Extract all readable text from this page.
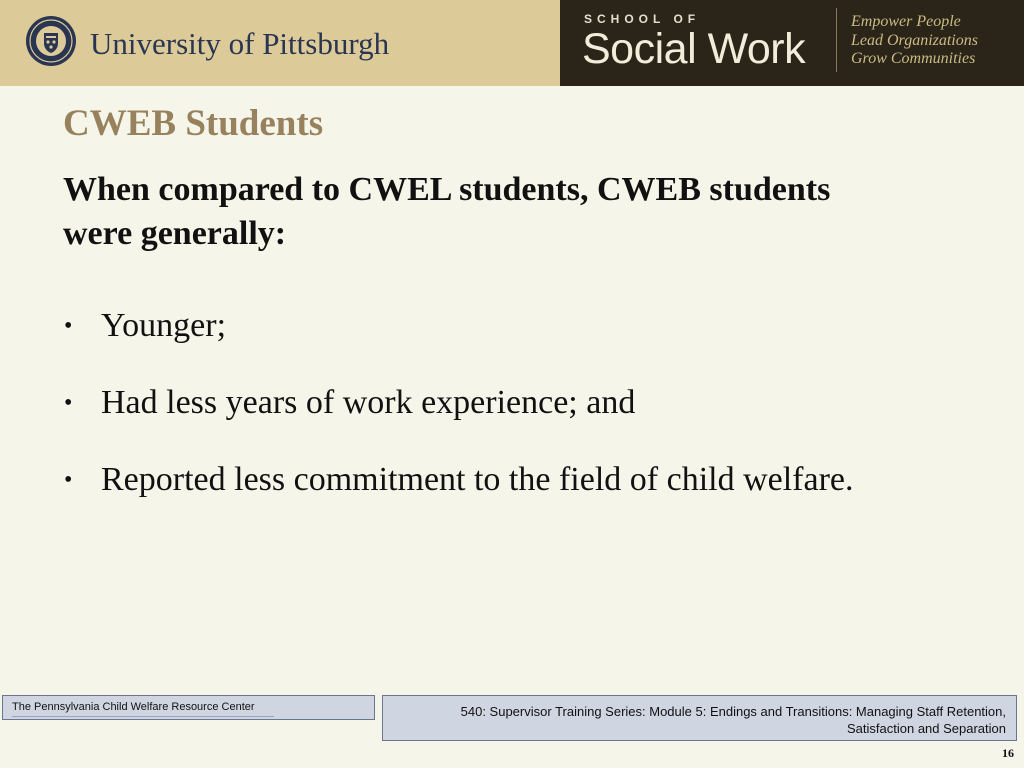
University of Pittsburgh
SCHOOL OF
Social Work
Empower People
Lead Organizations
Grow Communities
CWEB Students
When compared to CWEL students, CWEB students were generally:
• Younger;
• Had less years of work experience; and
• Reported less commitment to the field of child welfare.
The Pennsylvania Child Welfare Resource Center	540: Supervisor Training Series: Module 5: Endings and Transitions: Managing Staff Retention, Satisfaction and Separation
16
